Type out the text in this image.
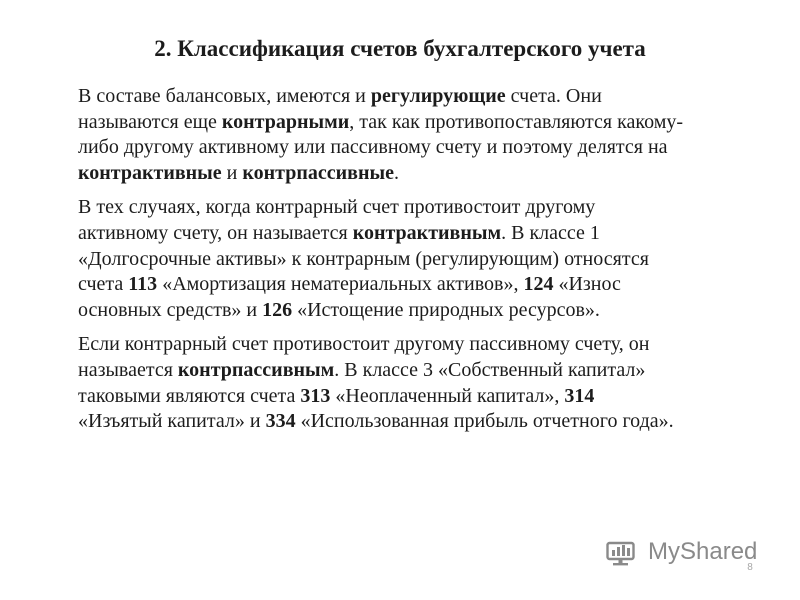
2. Классификация счетов бухгалтерского учета

В составе балансовых, имеются и регулирующие счета. Они
называются еще контрарными, так как противопоставляются какому-
либо другому активному или пассивному счету и поэтому делятся на
контрактивные и контрпассивные.

В тех случаях, когда контрарный счет противостоит другому
активному счету, он называется контрактивным. В классе 1
«Долгосрочные активы» к контрарным (регулирующим) относятся
счета 113 «Амортизация нематериальных активов», 124 «Износ
основных средств» и 126 «Истощение природных ресурсов».

Если контрарный счет противостоит другому пассивному счету, он
называется контрпассивным. В классе 3 «Собственный капитал»
таковыми являются счета 313 «Неоплаченный капитал», 314
«Изъятый капитал» и 334 «Использованная прибыль отчетного года».

MyShared
8
